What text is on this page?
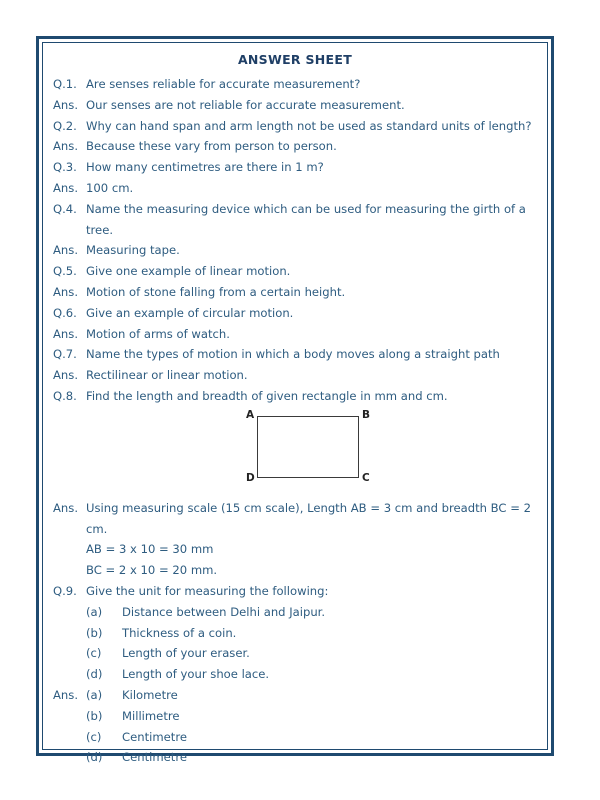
ANSWER SHEET
Q.1. Are senses reliable for accurate measurement?
Ans. Our senses are not reliable for accurate measurement.
Q.2. Why can hand span and arm length not be used as standard units of length?
Ans. Because these vary from person to person.
Q.3. How many centimetres are there in 1 m?
Ans. 100 cm.
Q.4. Name the measuring device which can be used for measuring the girth of a tree.
Ans. Measuring tape.
Q.5. Give one example of linear motion.
Ans. Motion of stone falling from a certain height.
Q.6. Give an example of circular motion.
Ans. Motion of arms of watch.
Q.7. Name the types of motion in which a body moves along a straight path
Ans. Rectilinear or linear motion.
Q.8. Find the length and breadth of given rectangle in mm and cm.
A	B
D	C
Ans. Using measuring scale (15 cm scale), Length AB = 3 cm and breadth BC = 2 cm.
AB = 3 x 10 = 30 mm
BC = 2 x 10 = 20 mm.
Q.9. Give the unit for measuring the following:
(a)	Distance between Delhi and Jaipur.
(b)	Thickness of a coin.
(c)	Length of your eraser.
(d)	Length of your shoe lace.
Ans. (a)	Kilometre
(b)	Millimetre
(c)	Centimetre
(d)	Centimetre
